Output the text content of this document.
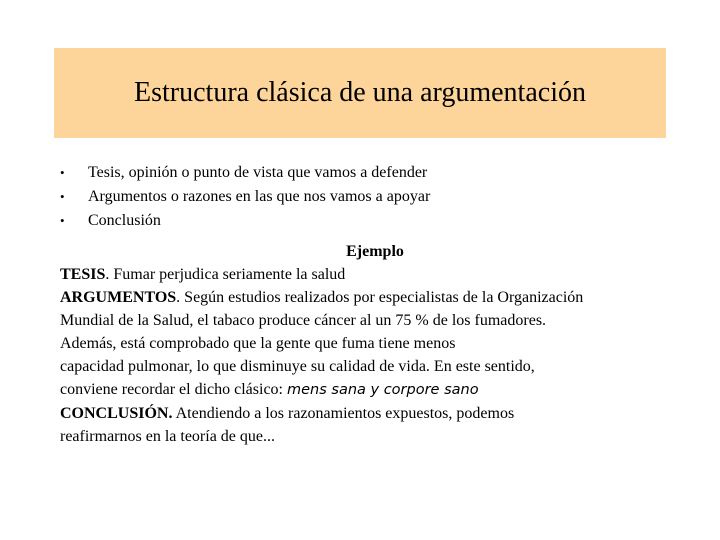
Estructura clásica de una argumentación
•	Tesis, opinión o punto de vista que vamos a defender
•	Argumentos o razones en las que nos vamos a apoyar
•	Conclusión
Ejemplo
TESIS. Fumar perjudica seriamente la salud
ARGUMENTOS. Según estudios realizados por especialistas de la Organización
Mundial de la Salud, el tabaco produce cáncer al un 75 % de los fumadores.
Además, está comprobado que la gente que fuma tiene menos
capacidad pulmonar, lo que disminuye su calidad de vida. En este sentido,
conviene recordar el dicho clásico: mens sana y corpore sano
CONCLUSIÓN. Atendiendo a los razonamientos expuestos, podemos
reafirmarnos en la teoría de que...
